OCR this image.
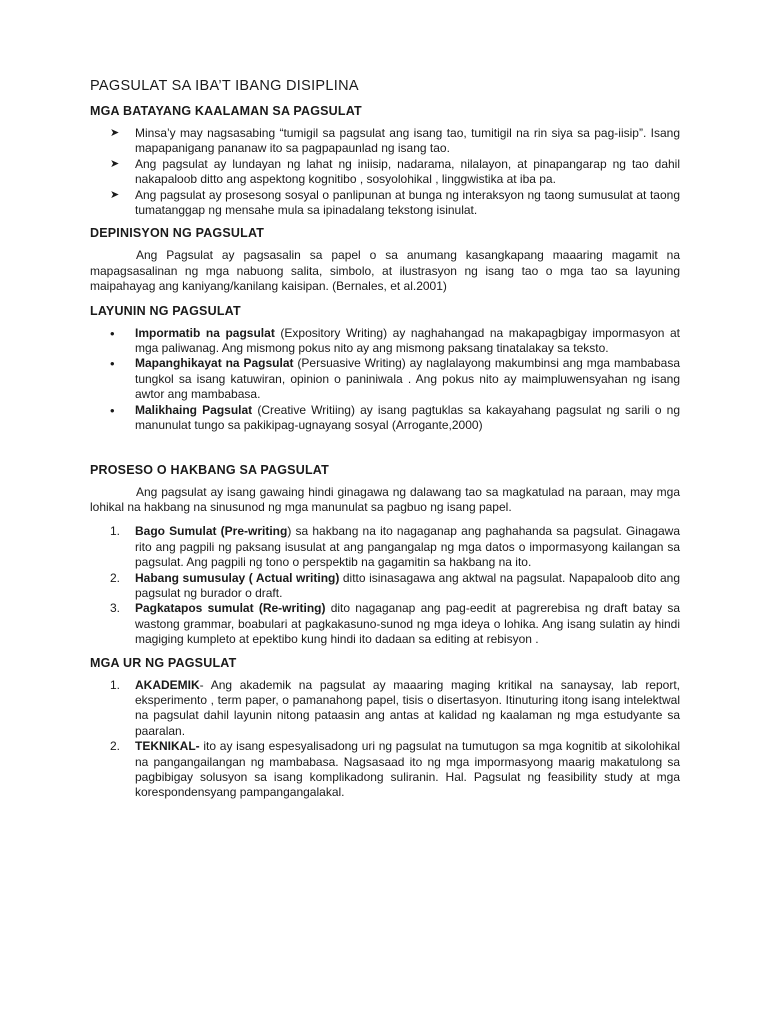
PAGSULAT SA IBA’T IBANG DISIPLINA
MGA BATAYANG KAALAMAN SA PAGSULAT
➤	Minsa’y may nagsasabing “tumigil sa pagsulat ang isang tao, tumitigil na rin siya sa pag-iisip”. Isang mapapanigang pananaw ito sa pagpapaunlad ng isang tao.
➤	Ang pagsulat ay lundayan ng lahat ng iniisip, nadarama, nilalayon, at pinapangarap ng tao dahil nakapaloob ditto ang aspektong kognitibo , sosyolohikal , linggwistika at iba pa.
➤	Ang pagsulat ay prosesong sosyal o panlipunan at bunga ng interaksyon ng taong sumusulat at taong tumatanggap ng mensahe mula sa ipinadalang tekstong isinulat.
DEPINISYON NG PAGSULAT

Ang Pagsulat ay pagsasalin sa papel o sa anumang kasangkapang maaaring magamit na mapagsasalinan ng mga nabuong salita, simbolo, at ilustrasyon ng isang tao o mga tao sa layuning maipahayag ang kaniyang/kanilang kaisipan. (Bernales, et al.2001)

LAYUNIN NG PAGSULAT
•	Impormatib na pagsulat (Expository Writing) ay naghahangad na makapagbigay impormasyon at mga paliwanag. Ang mismong pokus nito ay ang mismong paksang tinatalakay sa teksto.
•	Mapanghikayat na Pagsulat (Persuasive Writing) ay naglalayong makumbinsi ang mga mambabasa tungkol sa isang katuwiran, opinion o paniniwala . Ang pokus nito ay maimpluwensyahan ng isang awtor ang mambabasa.
•	Malikhaing Pagsulat (Creative Writiing) ay isang pagtuklas sa kakayahang pagsulat ng sarili o ng manunulat tungo sa pakikipag-ugnayang sosyal (Arrogante,2000)
PROSESO O HAKBANG SA PAGSULAT

Ang pagsulat ay isang gawaing hindi ginagawa ng dalawang tao sa magkatulad na paraan, may mga lohikal na hakbang na sinusunod ng mga manunulat sa pagbuo ng isang papel.

1.	Bago Sumulat (Pre-writing) sa hakbang na ito nagaganap ang paghahanda sa pagsulat. Ginagawa rito ang pagpili ng paksang isusulat at ang pangangalap ng mga datos o impormasyong kailangan sa pagsulat. Ang pagpili ng tono o perspektib na gagamitin sa hakbang na ito.
2.	Habang sumusulay ( Actual writing) ditto isinasagawa ang aktwal na pagsulat. Napapaloob dito ang pagsulat ng burador o draft.
3.	Pagkatapos sumulat (Re-writing) dito nagaganap ang pag-eedit at pagrerebisa ng draft batay sa wastong grammar, boabulari at pagkakasuno-sunod ng mga ideya o lohika. Ang isang sulatin ay hindi magiging kumpleto at epektibo kung hindi ito dadaan sa editing at rebisyon .
MGA UR NG PAGSULAT
1.	AKADEMIK- Ang akademik na pagsulat ay maaaring maging kritikal na sanaysay, lab report, eksperimento , term paper, o pamanahong papel, tisis o disertasyon. Itinuturing itong isang intelektwal na pagsulat dahil layunin nitong pataasin ang antas at kalidad ng kaalaman ng mga estudyante sa paaralan.
2.	TEKNIKAL- ito ay isang espesyalisadong uri ng pagsulat na tumutugon sa mga kognitib at sikolohikal na pangangailangan ng mambabasa. Nagsasaad ito ng mga impormasyong maarig makatulong sa pagbibigay solusyon sa isang komplikadong suliranin. Hal. Pagsulat ng feasibility study at mga korespondensyang pampangangalakal.
